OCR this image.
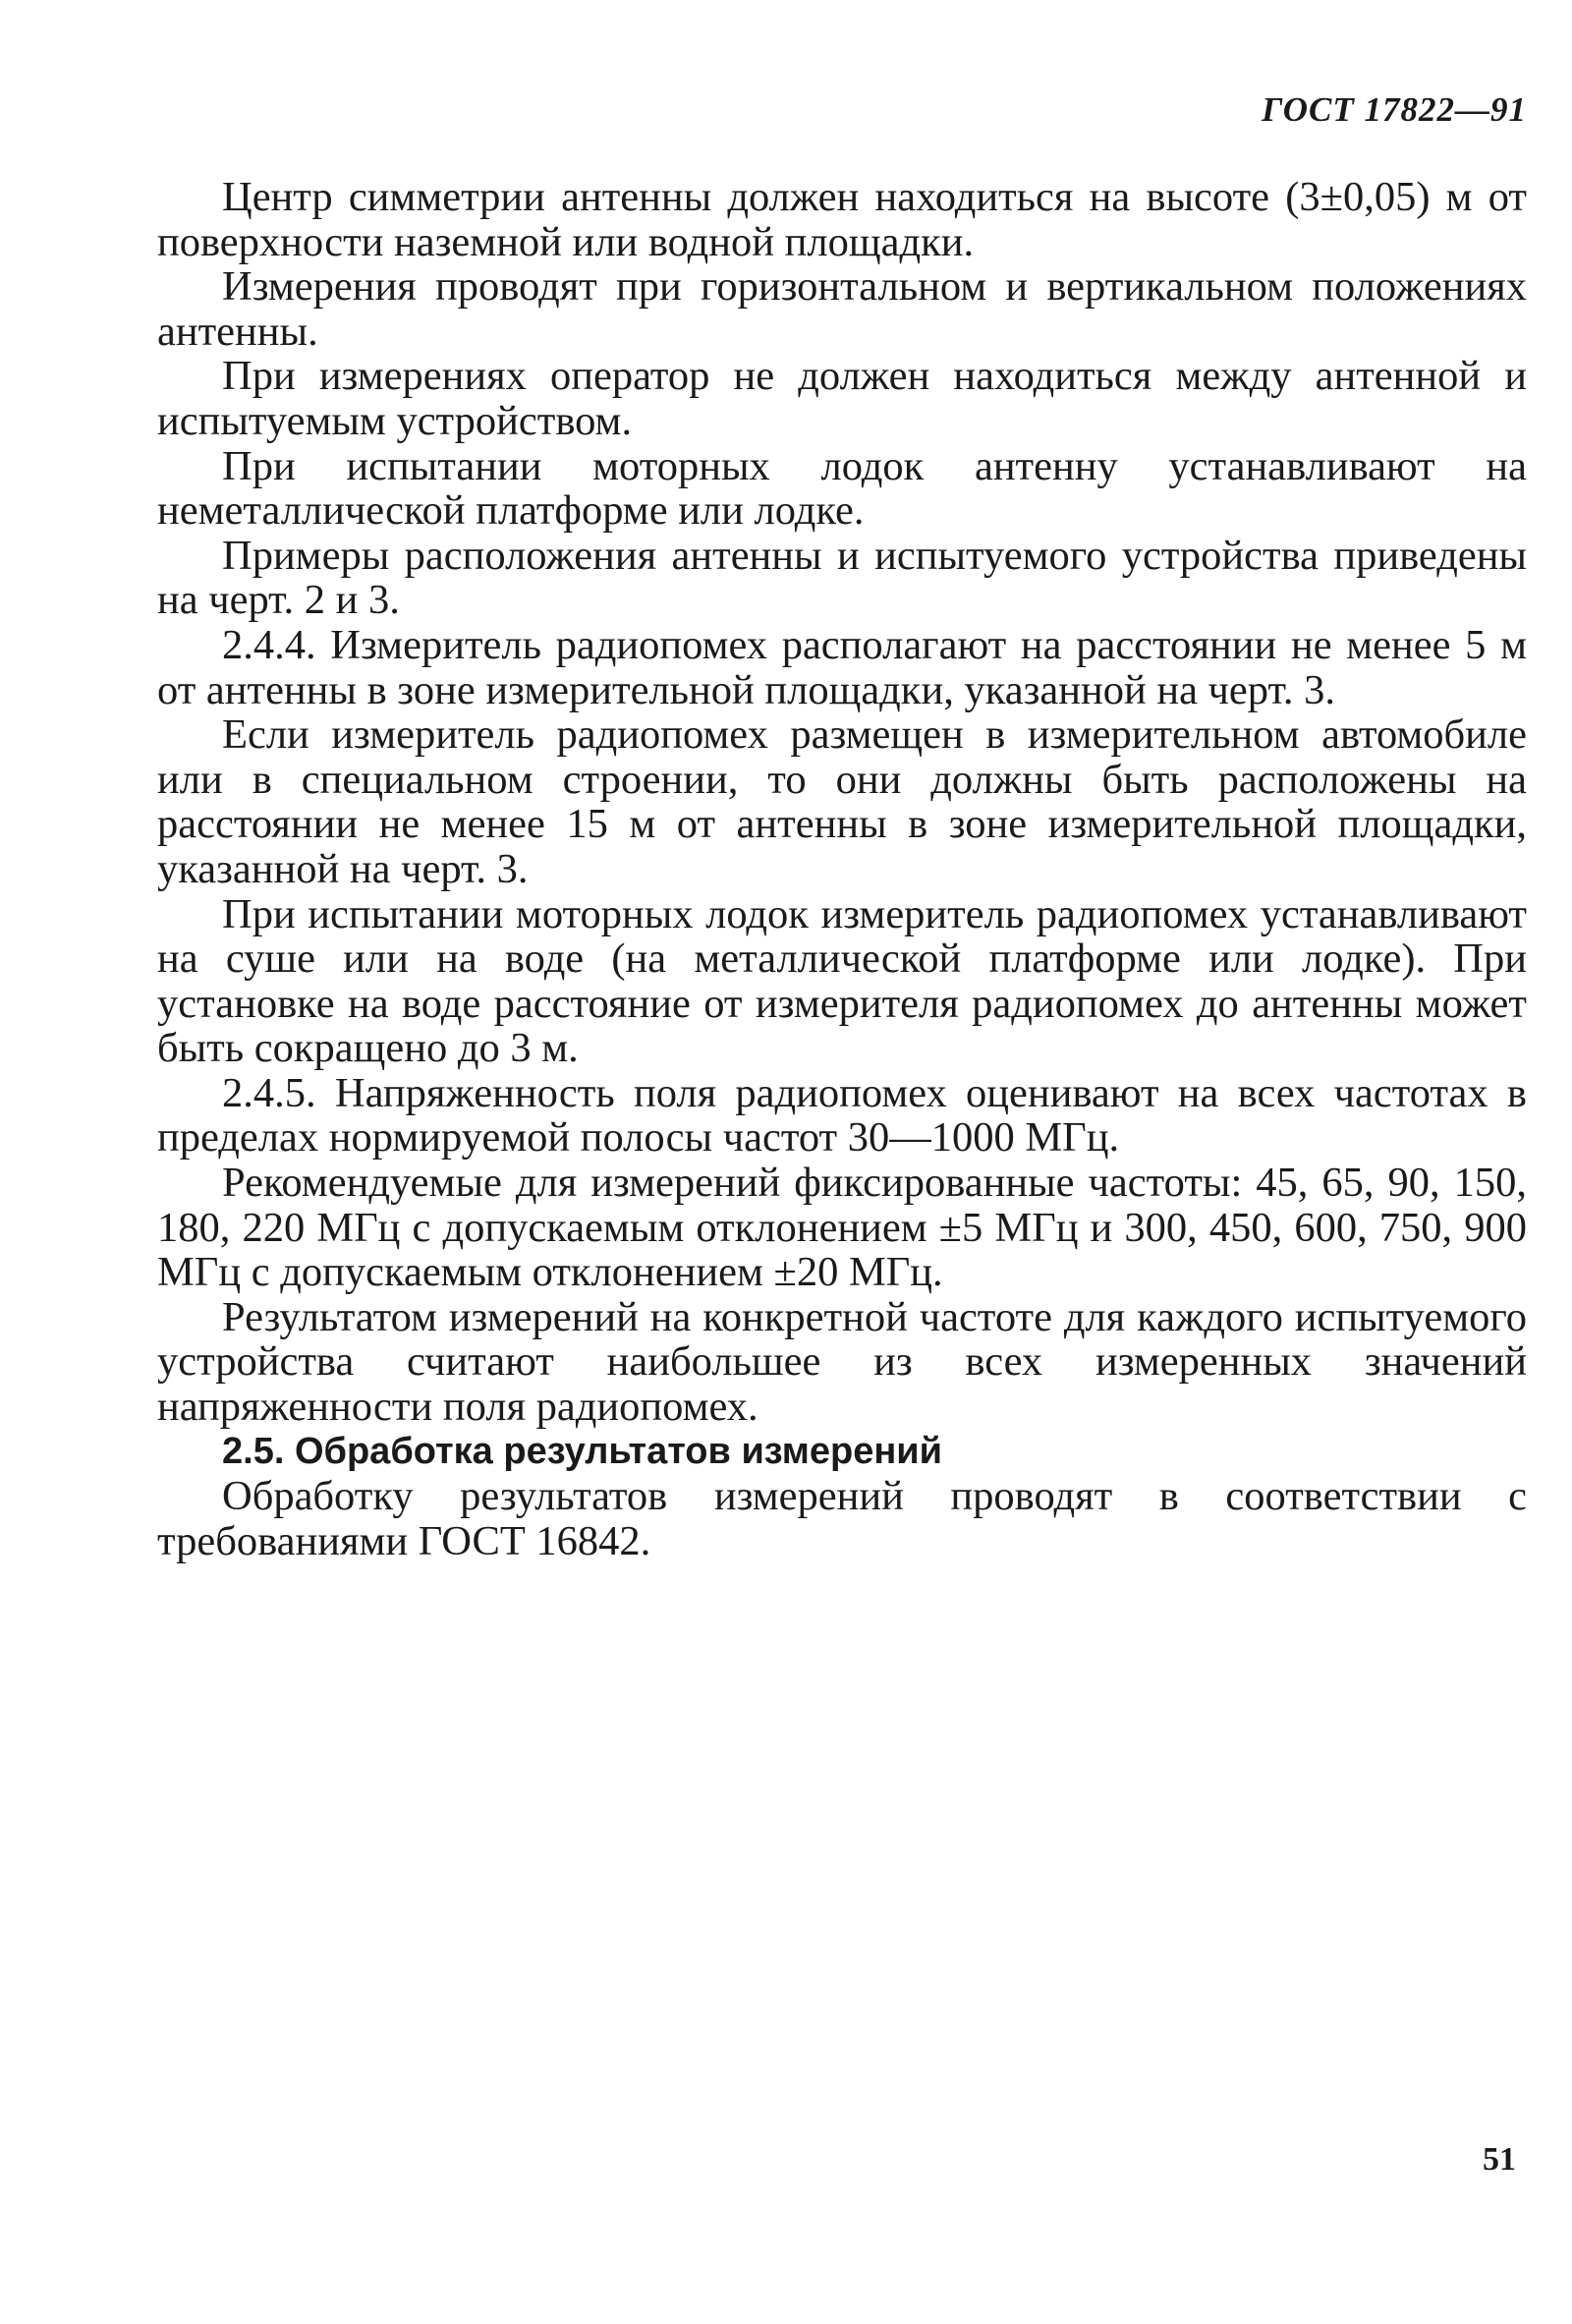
ГОСТ 17822—91

Центр симметрии антенны должен находиться на высоте (3±0,05) м от поверхности наземной или водной площадки.

Измерения проводят при горизонтальном и вертикальном положениях антенны.

При измерениях оператор не должен находиться между антенной и испытуемым устройством.

При испытании моторных лодок антенну устанавливают на неметаллической платформе или лодке.

Примеры расположения антенны и испытуемого устройства приведены на черт. 2 и 3.

2.4.4. Измеритель радиопомех располагают на расстоянии не менее 5 м от антенны в зоне измерительной площадки, указанной на черт. 3.

Если измеритель радиопомех размещен в измерительном автомобиле или в специальном строении, то они должны быть расположены на расстоянии не менее 15 м от антенны в зоне измерительной площадки, указанной на черт. 3.

При испытании моторных лодок измеритель радиопомех устанавливают на суше или на воде (на металлической платформе или лодке). При установке на воде расстояние от измерителя радиопомех до антенны может быть сокращено до 3 м.

2.4.5. Напряженность поля радиопомех оценивают на всех частотах в пределах нормируемой полосы частот 30—1000 МГц.

Рекомендуемые для измерений фиксированные частоты: 45, 65, 90, 150, 180, 220 МГц с допускаемым отклонением ±5 МГц и 300, 450, 600, 750, 900 МГц с допускаемым отклонением ±20 МГц.

Результатом измерений на конкретной частоте для каждого испытуемого устройства считают наибольшее из всех измеренных значений напряженности поля радиопомех.

2.5. Обработка результатов измерений

Обработку результатов измерений проводят в соответствии с требованиями ГОСТ 16842.

51
